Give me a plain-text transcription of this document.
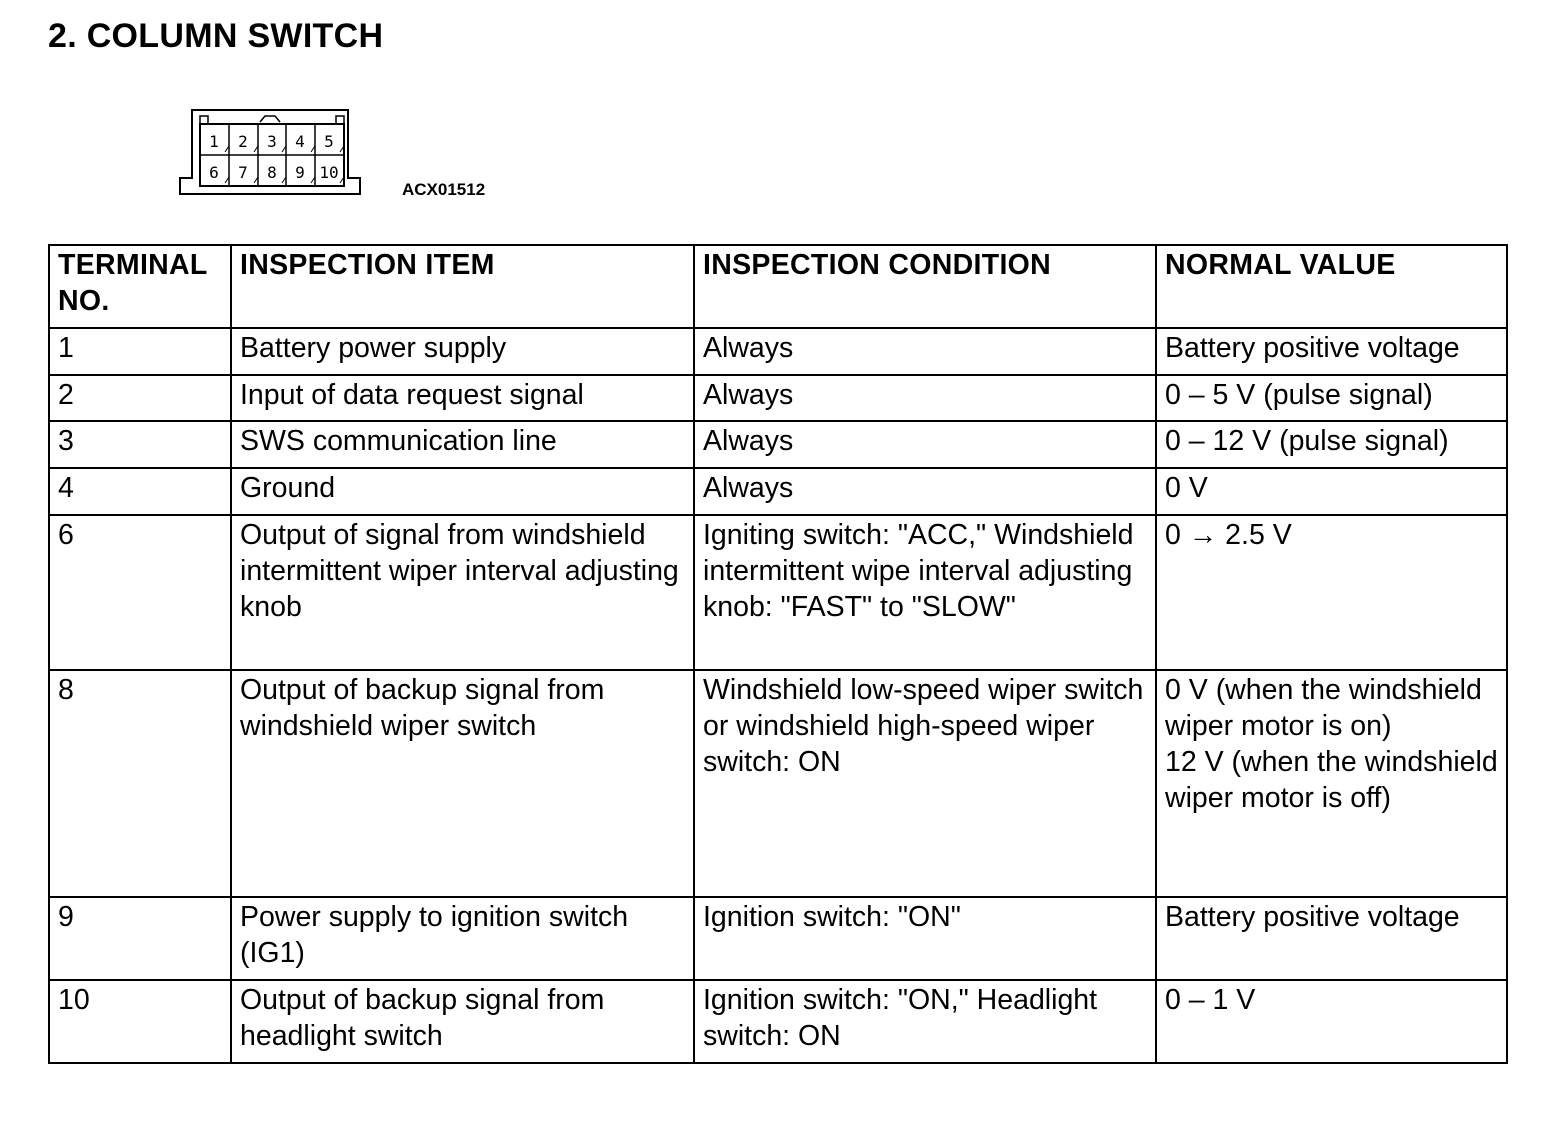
2. COLUMN SWITCH
1 2 3 4 5
6 7 8 9 10
ACX01512
TERMINAL NO.	INSPECTION ITEM	INSPECTION CONDITION	NORMAL VALUE
1	Battery power supply	Always	Battery positive voltage
2	Input of data request signal	Always	0 – 5 V (pulse signal)
3	SWS communication line	Always	0 – 12 V (pulse signal)
4	Ground	Always	0 V
6	Output of signal from windshield intermittent wiper interval adjusting knob	Igniting switch: "ACC," Windshield intermittent wipe interval adjusting knob: "FAST" to "SLOW"	0 → 2.5 V
8	Output of backup signal from windshield wiper switch	Windshield low-speed wiper switch or windshield high-speed wiper switch: ON	0 V (when the windshield wiper motor is on)
12 V (when the windshield wiper motor is off)
9	Power supply to ignition switch (IG1)	Ignition switch: "ON"	Battery positive voltage
10	Output of backup signal from headlight switch	Ignition switch: "ON," Headlight switch: ON	0 – 1 V
